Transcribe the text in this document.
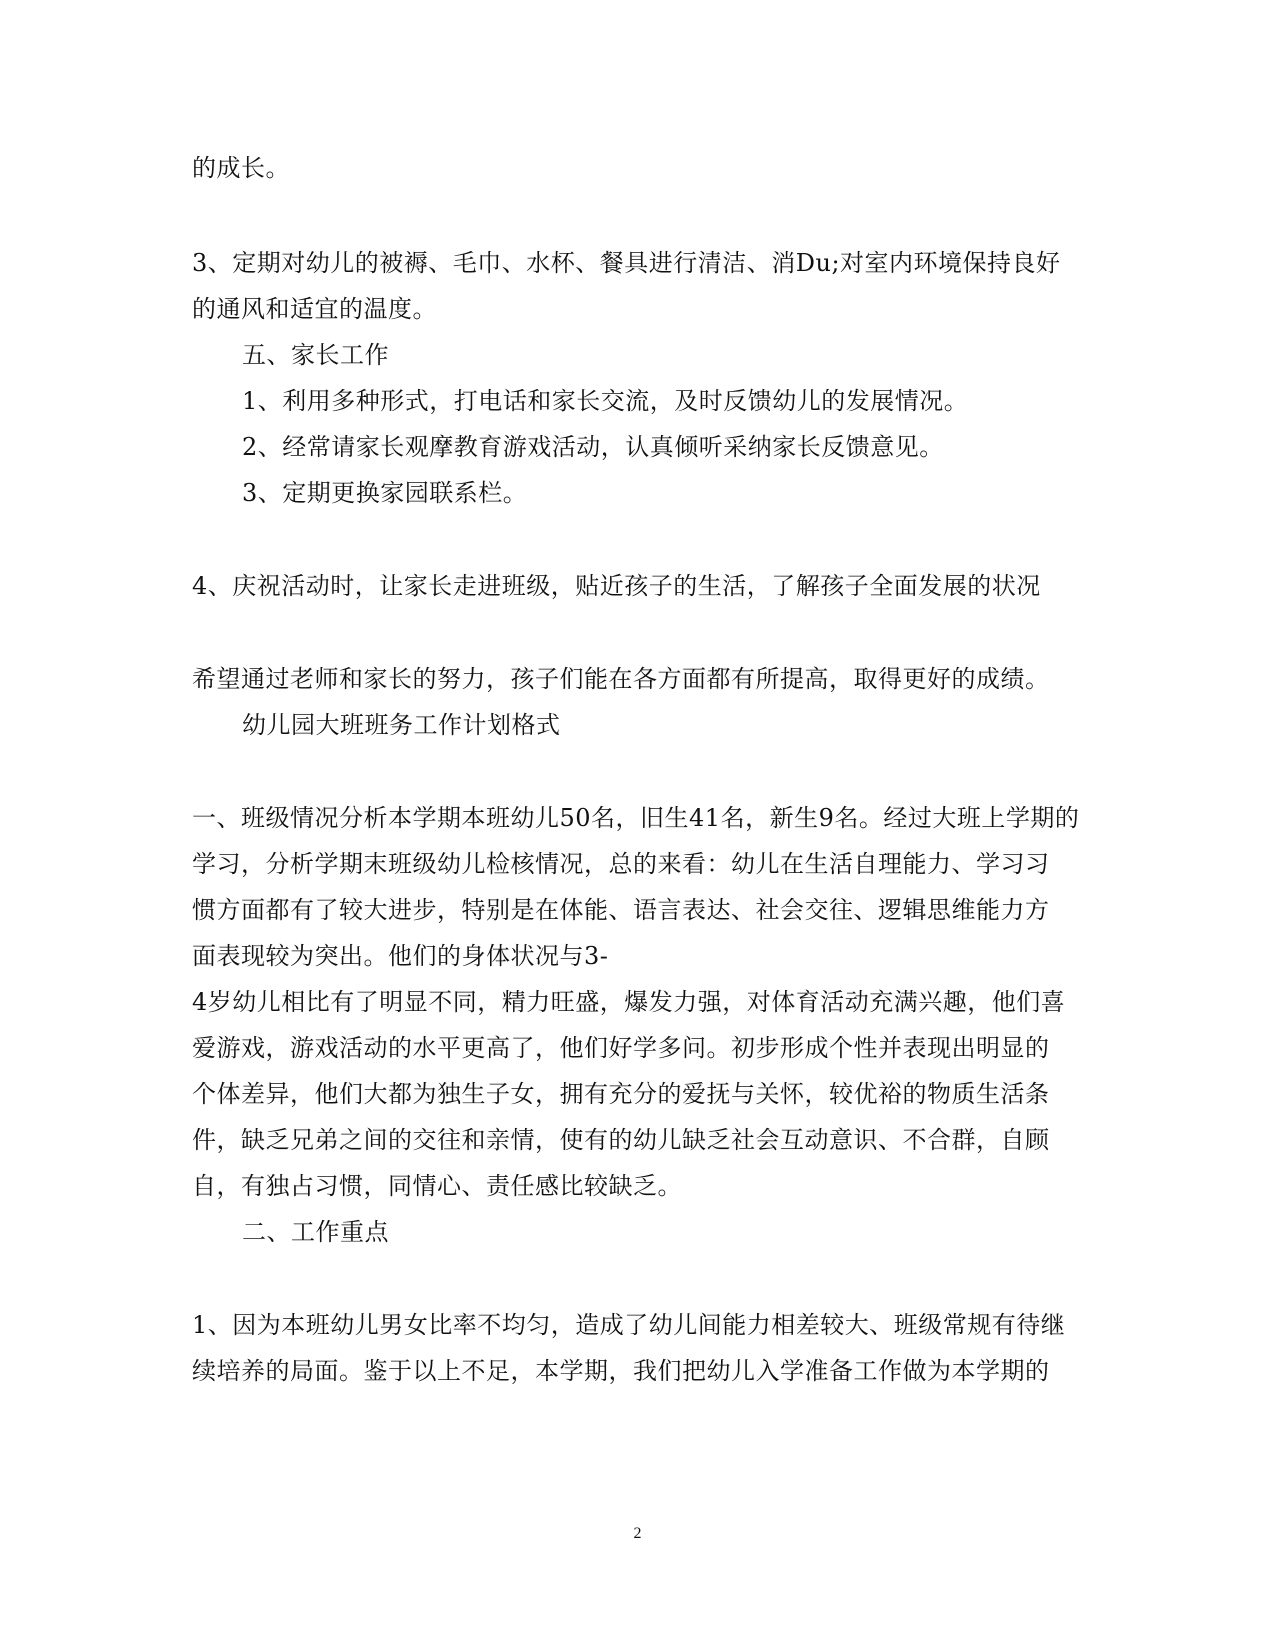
的成长。
3、定期对幼儿的被褥、毛巾、水杯、餐具进行清洁、消Du;对室内环境保持良好
的通风和适宜的温度。
五、家长工作
1、利用多种形式，打电话和家长交流，及时反馈幼儿的发展情况。
2、经常请家长观摩教育游戏活动，认真倾听采纳家长反馈意见。
3、定期更换家园联系栏。
4、庆祝活动时，让家长走进班级，贴近孩子的生活，了解孩子全面发展的状况
希望通过老师和家长的努力，孩子们能在各方面都有所提高，取得更好的成绩。
幼儿园大班班务工作计划格式
一、班级情况分析本学期本班幼儿50名，旧生41名，新生9名。经过大班上学期的
学习，分析学期末班级幼儿检核情况，总的来看：幼儿在生活自理能力、学习习
惯方面都有了较大进步，特别是在体能、语言表达、社会交往、逻辑思维能力方
面表现较为突出。他们的身体状况与3-
4岁幼儿相比有了明显不同，精力旺盛，爆发力强，对体育活动充满兴趣，他们喜
爱游戏，游戏活动的水平更高了，他们好学多问。初步形成个性并表现出明显的
个体差异，他们大都为独生子女，拥有充分的爱抚与关怀，较优裕的物质生活条
件，缺乏兄弟之间的交往和亲情，使有的幼儿缺乏社会互动意识、不合群，自顾
自，有独占习惯，同情心、责任感比较缺乏。
二、工作重点
1、因为本班幼儿男女比率不均匀，造成了幼儿间能力相差较大、班级常规有待继
续培养的局面。鉴于以上不足，本学期，我们把幼儿入学准备工作做为本学期的
2
